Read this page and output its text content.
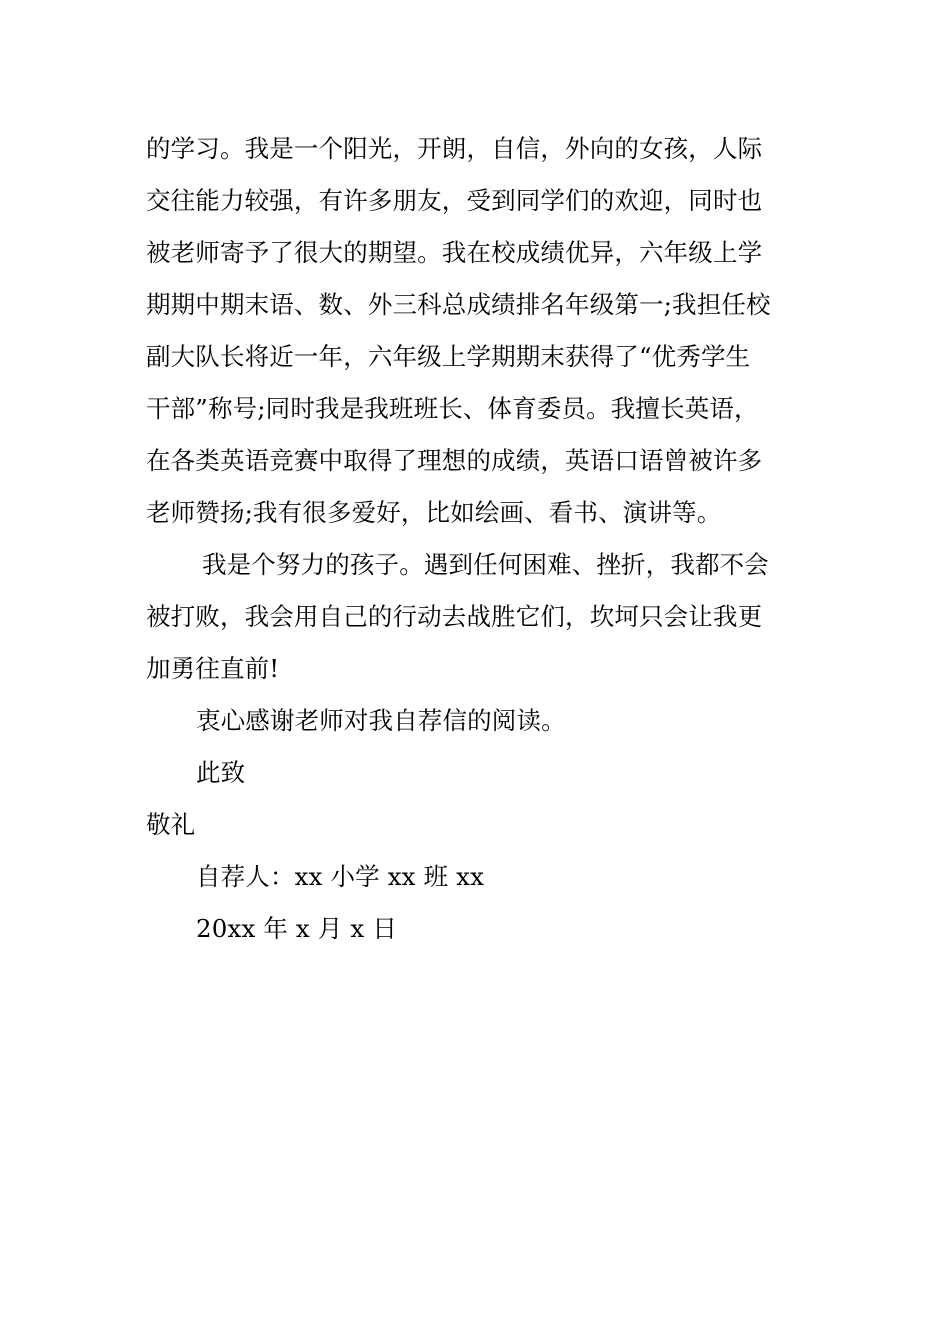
的学习。我是一个阳光，开朗，自信，外向的女孩，人际
交往能力较强，有许多朋友，受到同学们的欢迎，同时也
被老师寄予了很大的期望。我在校成绩优异，六年级上学
期期中期末语、数、外三科总成绩排名年级第一;我担任校
副大队长将近一年，六年级上学期期末获得了“优秀学生
干部”称号;同时我是我班班长、体育委员。我擅长英语，
在各类英语竞赛中取得了理想的成绩，英语口语曾被许多
老师赞扬;我有很多爱好，比如绘画、看书、演讲等。
我是个努力的孩子。遇到任何困难、挫折，我都不会
被打败，我会用自己的行动去战胜它们，坎坷只会让我更
加勇往直前!
衷心感谢老师对我自荐信的阅读。
此致
敬礼
自荐人：xx 小学 xx 班 xx
20xx 年 x 月 x 日
